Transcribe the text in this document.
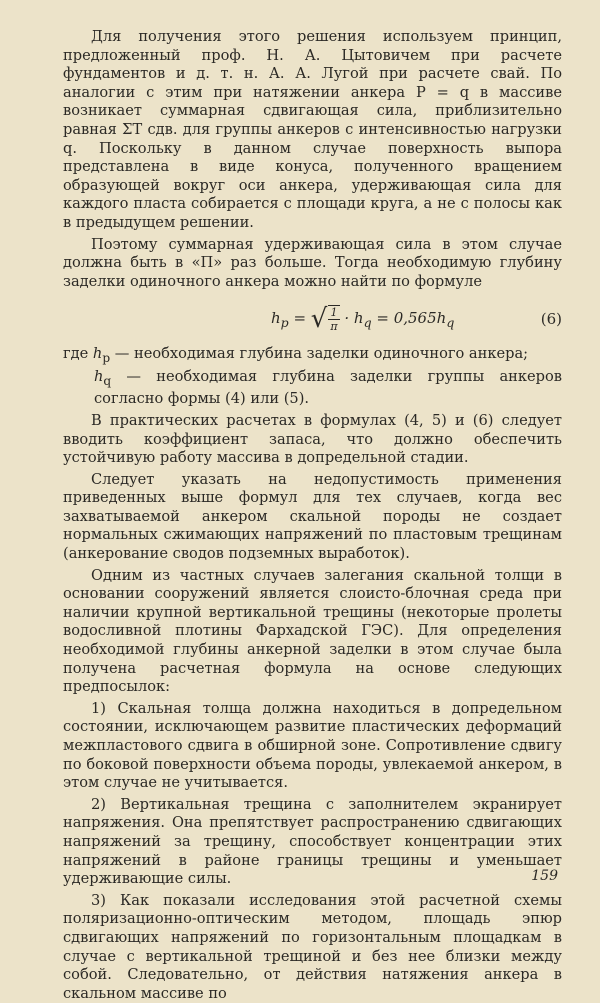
Для получения этого решения используем принцип, предложенный проф. Н. А. Цытовичем при расчете фундаментов и д. т. н. А. А. Лугой при расчете свай. По аналогии с этим при натяжении анкера P = q в массиве возникает суммарная сдвигающая сила, приблизительно равная ΣT сдв. для группы анкеров с интенсивностью нагрузки q. Поскольку в данном случае поверхность выпора представлена в виде конуса, полученного вращением образующей вокруг оси анкера, удерживающая сила для каждого пласта собирается с площади круга, а не с полосы как в предыдущем решении.

Поэтому суммарная удерживающая сила в этом случае должна быть в «П» раз больше. Тогда необходимую глубину заделки одиночного анкера можно найти по формуле

$h_p$ = √ $\frac{1}{\pi} \cdot h_q = 0,565h_q$	(6)

где $h_p$ — необходимая глубина заделки одиночного анкера;

$h_q$ — необходимая глубина заделки группы анкеров согласно формы (4) или (5).

В практических расчетах в формулах (4, 5) и (6) следует вводить коэффициент запаса, что должно обеспечить устойчивую работу массива в допредельной стадии.

Следует указать на недопустимость применения приведенных выше формул для тех случаев, когда вес захватываемой анкером скальной породы не создает нормальных сжимающих напряжений по пластовым трещинам (анкерование сводов подземных выработок).

Одним из частных случаев залегания скальной толщи в основании сооружений является слоисто-блочная среда при наличии крупной вертикальной трещины (некоторые пролеты водосливной плотины Фархадской ГЭС). Для определения необходимой глубины анкерной заделки в этом случае была получена расчетная формула на основе следующих предпосылок:

1) Скальная толща должна находиться в допредельном состоянии, исключающем развитие пластических деформаций межпластового сдвига в обширной зоне. Сопротивление сдвигу по боковой поверхности объема породы, увлекаемой анкером, в этом случае не учитывается.

2) Вертикальная трещина с заполнителем экранирует напряжения. Она препятствует распространению сдвигающих напряжений за трещину, способствует концентрации этих напряжений в районе границы трещины и уменьшает удерживающие силы.

3) Как показали исследования этой расчетной схемы поляризационно-оптическим методом, площадь эпюр сдвигающих напряжений по горизонтальным площадкам в случае с вертикальной трещиной и без нее близки между собой. Следовательно, от действия натяжения анкера в скальном массиве по

159
